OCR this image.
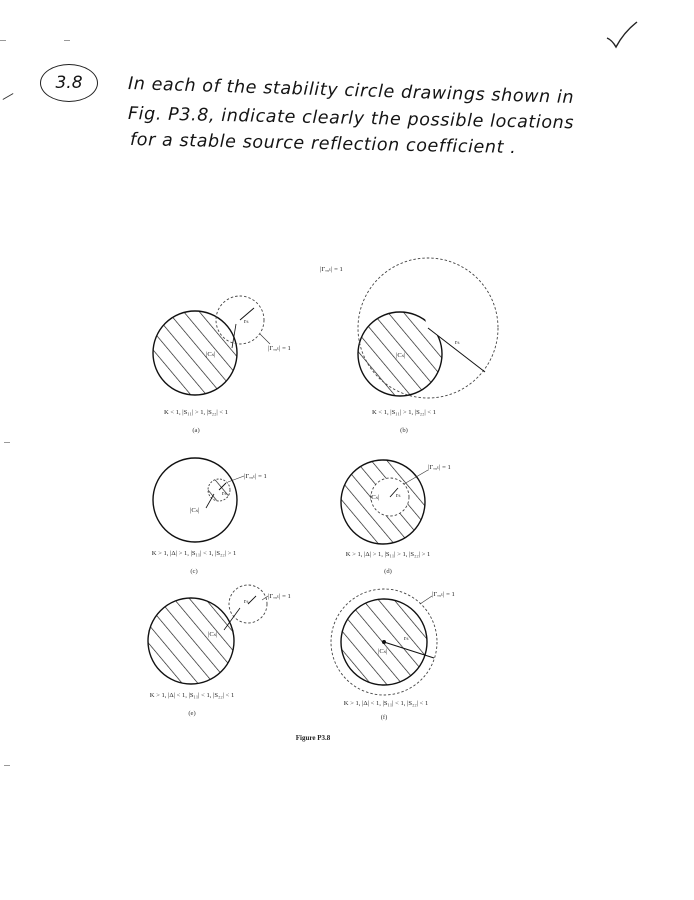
3.8	In each of the stability circle drawings shown in
Fig. P3.8, indicate clearly the possible locations
for a stable source reflection coefficient .
rₛ
|Cₛ|
|Γₒᵤₜ| = 1
K < 1, |S₁₁| > 1, |S₂₂| < 1
(a)
rₛ
|Cₛ|
|Γₒᵤₜ| = 1
K < 1, |S₁₁| > 1, |S₂₂| < 1
(b)
|Cₛ|
rₛ
|Γₒᵤₜ| = 1
K > 1, |Δ| > 1, |S₁₁| < 1, |S₂₂| > 1
(c)
|Cₛ|	rₛ
|Γₒᵤₜ| = 1
K > 1, |Δ| > 1, |S₁₁| > 1, |S₂₂| > 1
(d)
rₛ
|Cₛ|
|Γₒᵤₜ| = 1
K > 1, |Δ| < 1, |S₁₁| < 1, |S₂₂| < 1
(e)
rₛ
|Cₛ|
|Γₒᵤₜ| = 1
K > 1, |Δ| < 1, |S₁₁| < 1, |S₂₂| < 1
(f)
Figure P3.8
